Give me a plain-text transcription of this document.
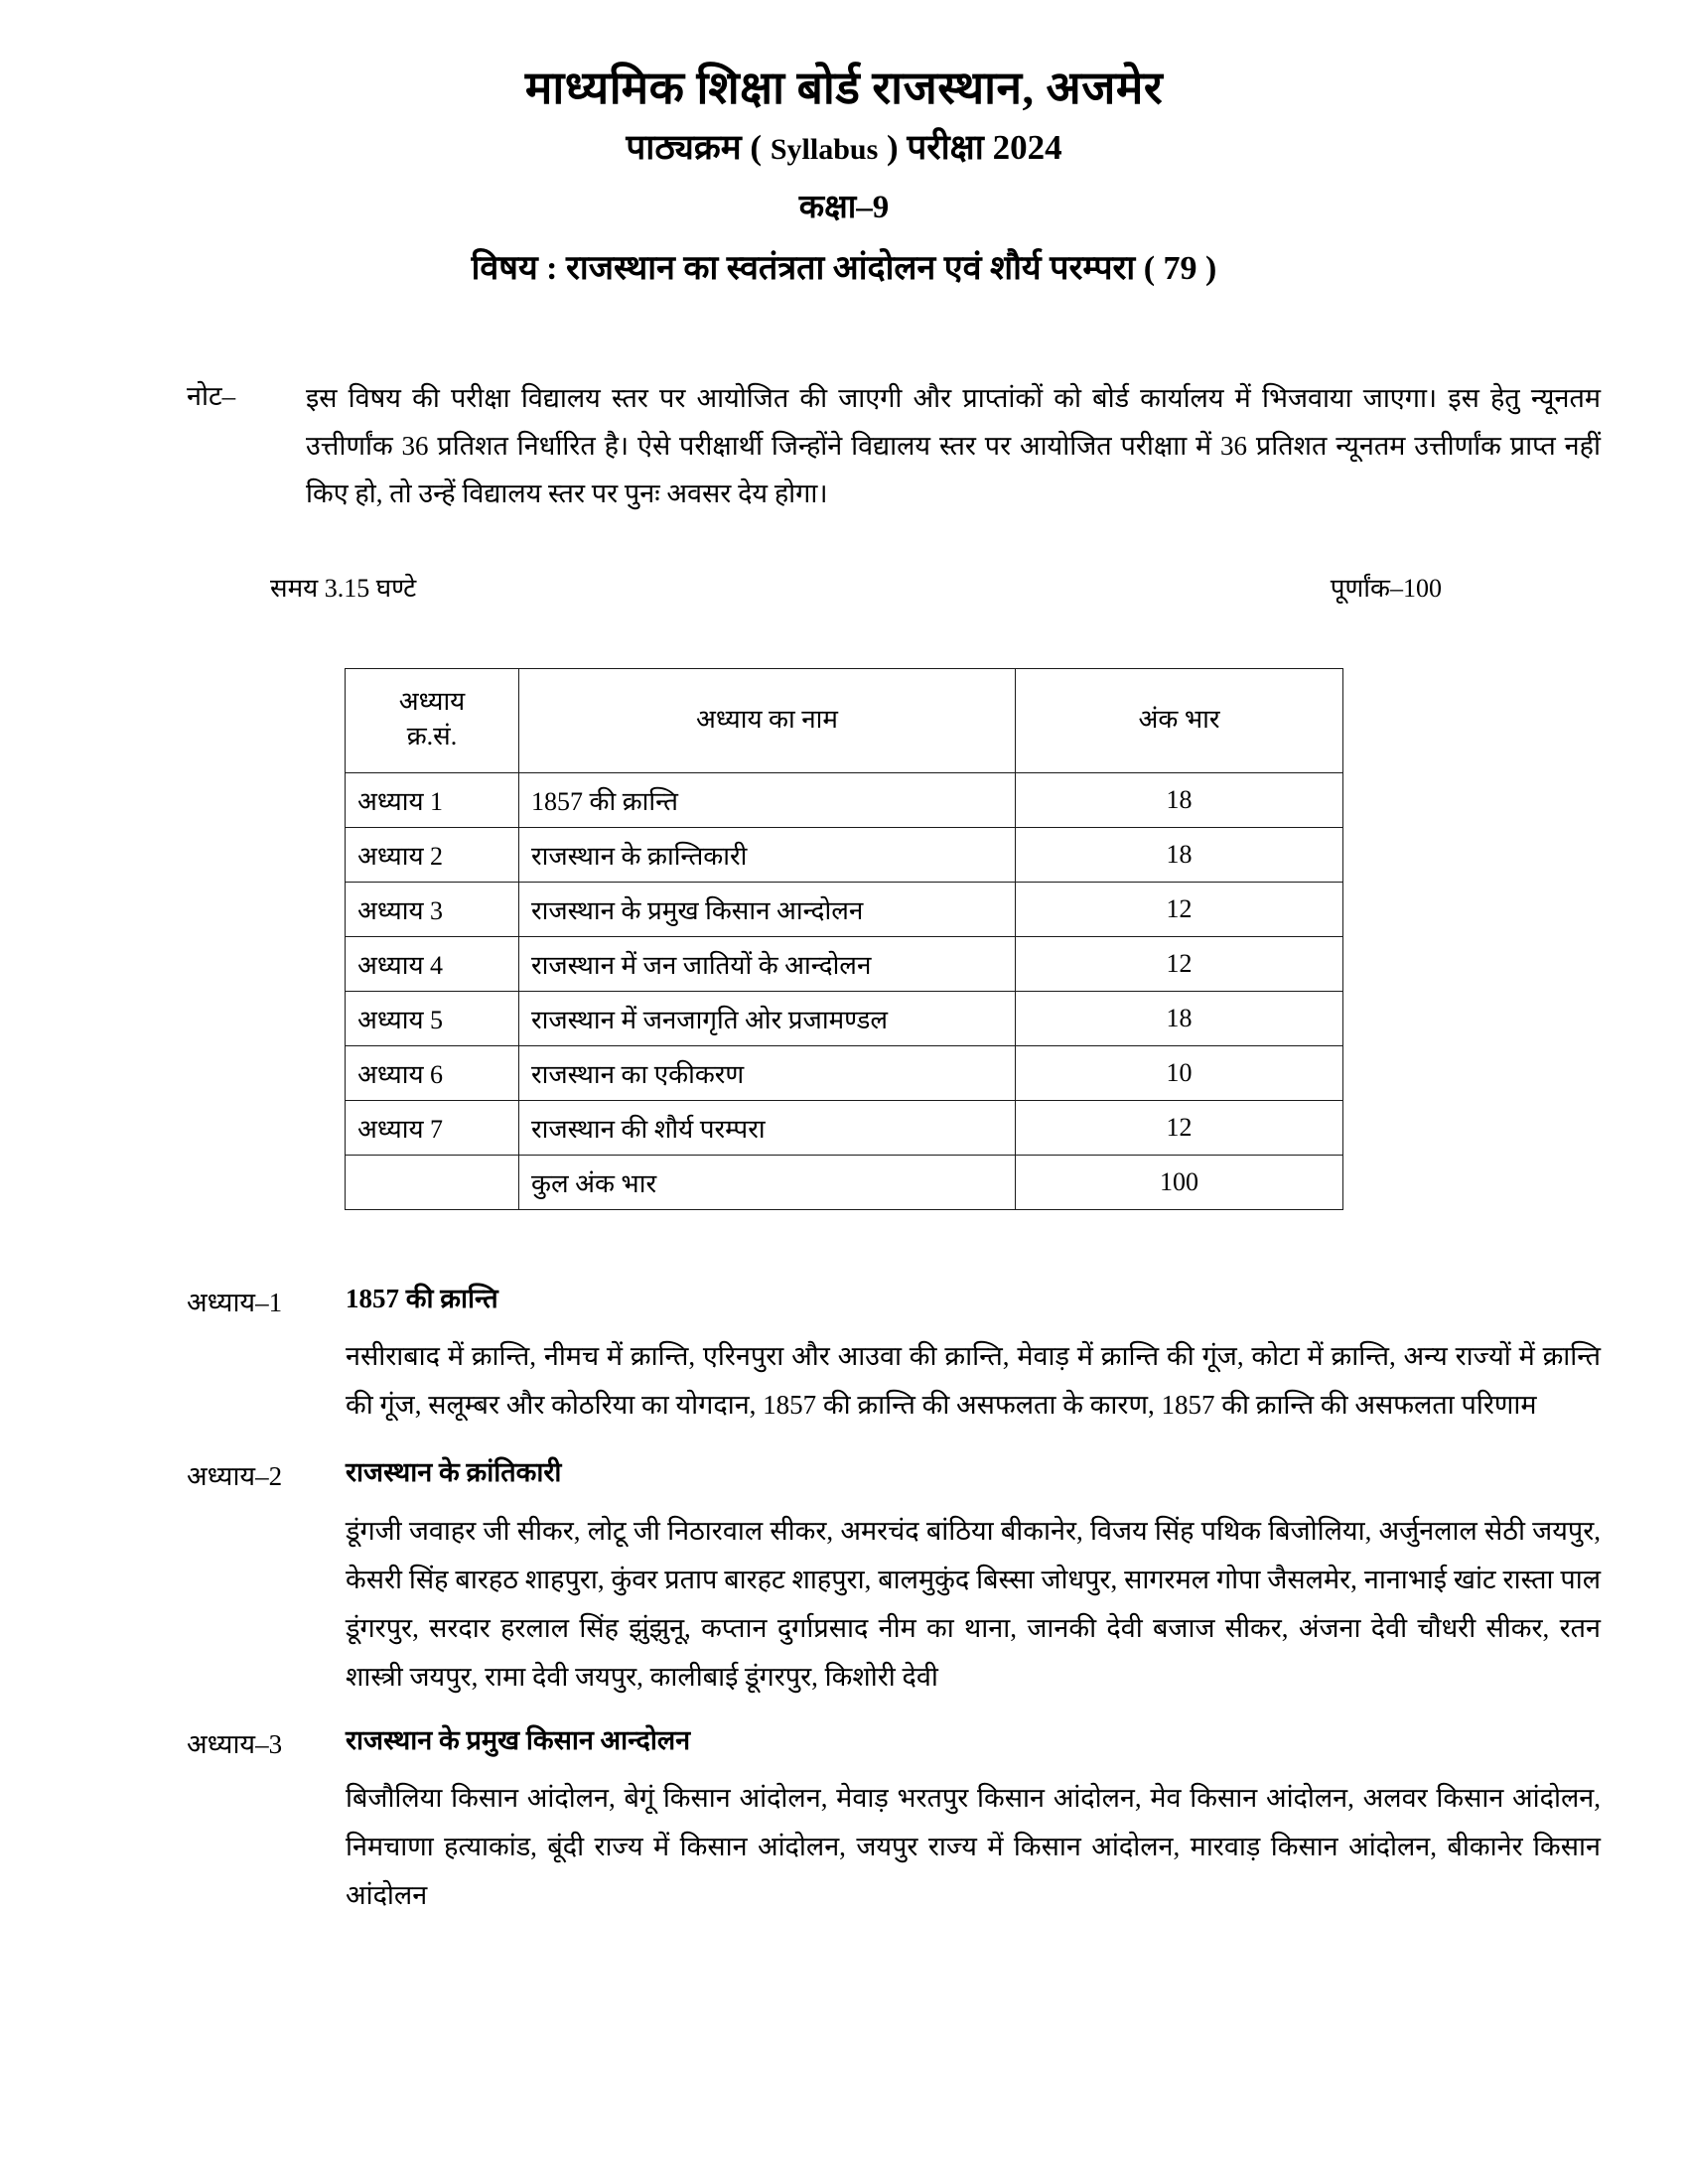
माध्यमिक शिक्षा बोर्ड राजस्थान, अजमेर
पाठ्यक्रम ( Syllabus ) परीक्षा 2024
कक्षा–9
विषय : राजस्थान का स्वतंत्रता आंदोलन एवं शौर्य परम्परा ( 79 )
नोट–	इस विषय की परीक्षा विद्यालय स्तर पर आयोजित की जाएगी और प्राप्तांकों को बोर्ड कार्यालय में भिजवाया जाएगा। इस हेतु न्यूनतम उत्तीर्णांक 36 प्रतिशत निर्धारित है। ऐसे परीक्षार्थी जिन्होंने विद्यालय स्तर पर आयोजित परीक्षाा में 36 प्रतिशत न्यूनतम उत्तीर्णांक प्राप्त नहीं किए हो, तो उन्हें विद्यालय स्तर पर पुनः अवसर देय होगा।
समय 3.15 घण्टे	पूर्णांक–100
अध्याय
क्र.सं.	अध्याय का नाम	अंक भार
अध्याय 1	1857 की क्रान्ति	18
अध्याय 2	राजस्थान के क्रान्तिकारी	18
अध्याय 3	राजस्थान के प्रमुख किसान आन्दोलन	12
अध्याय 4	राजस्थान में जन जातियों के आन्दोलन	12
अध्याय 5	राजस्थान में जनजागृति ओर प्रजामण्डल	18
अध्याय 6	राजस्थान का एकीकरण	10
अध्याय 7	राजस्थान की शौर्य परम्परा	12
	कुल अंक भार	100
अध्याय–1	1857 की क्रान्ति

नसीराबाद में क्रान्ति, नीमच में क्रान्ति, एरिनपुरा और आउवा की क्रान्ति, मेवाड़ में क्रान्ति की गूंज, कोटा में क्रान्ति, अन्य राज्यों में क्रान्ति की गूंज, सलूम्बर और कोठरिया का योगदान, 1857 की क्रान्ति की असफलता के कारण, 1857 की क्रान्ति की असफलता परिणाम

अध्याय–2	राजस्थान के क्रांतिकारी

डूंगजी जवाहर जी सीकर, लोटू जी निठारवाल सीकर, अमरचंद बांठिया बीकानेर, विजय सिंह पथिक बिजोलिया, अर्जुनलाल सेठी जयपुर, केसरी सिंह बारहठ शाहपुरा, कुंवर प्रताप बारहट शाहपुरा, बालमुकुंद बिस्सा जोधपुर, सागरमल गोपा जैसलमेर, नानाभाई खांट रास्ता पाल डूंगरपुर, सरदार हरलाल सिंह झुंझुनू, कप्तान दुर्गाप्रसाद नीम का थाना, जानकी देवी बजाज सीकर, अंजना देवी चौधरी सीकर, रतन शास्त्री जयपुर, रामा देवी जयपुर, कालीबाई डूंगरपुर, किशोरी देवी

अध्याय–3	राजस्थान के प्रमुख किसान आन्दोलन

बिजौलिया किसान आंदोलन, बेगूं किसान आंदोलन, मेवाड़ भरतपुर किसान आंदोलन, मेव किसान आंदोलन, अलवर किसान आंदोलन, निमचाणा हत्याकांड, बूंदी राज्य में किसान आंदोलन, जयपुर राज्य में किसान आंदोलन, मारवाड़ किसान आंदोलन, बीकानेर किसान आंदोलन
